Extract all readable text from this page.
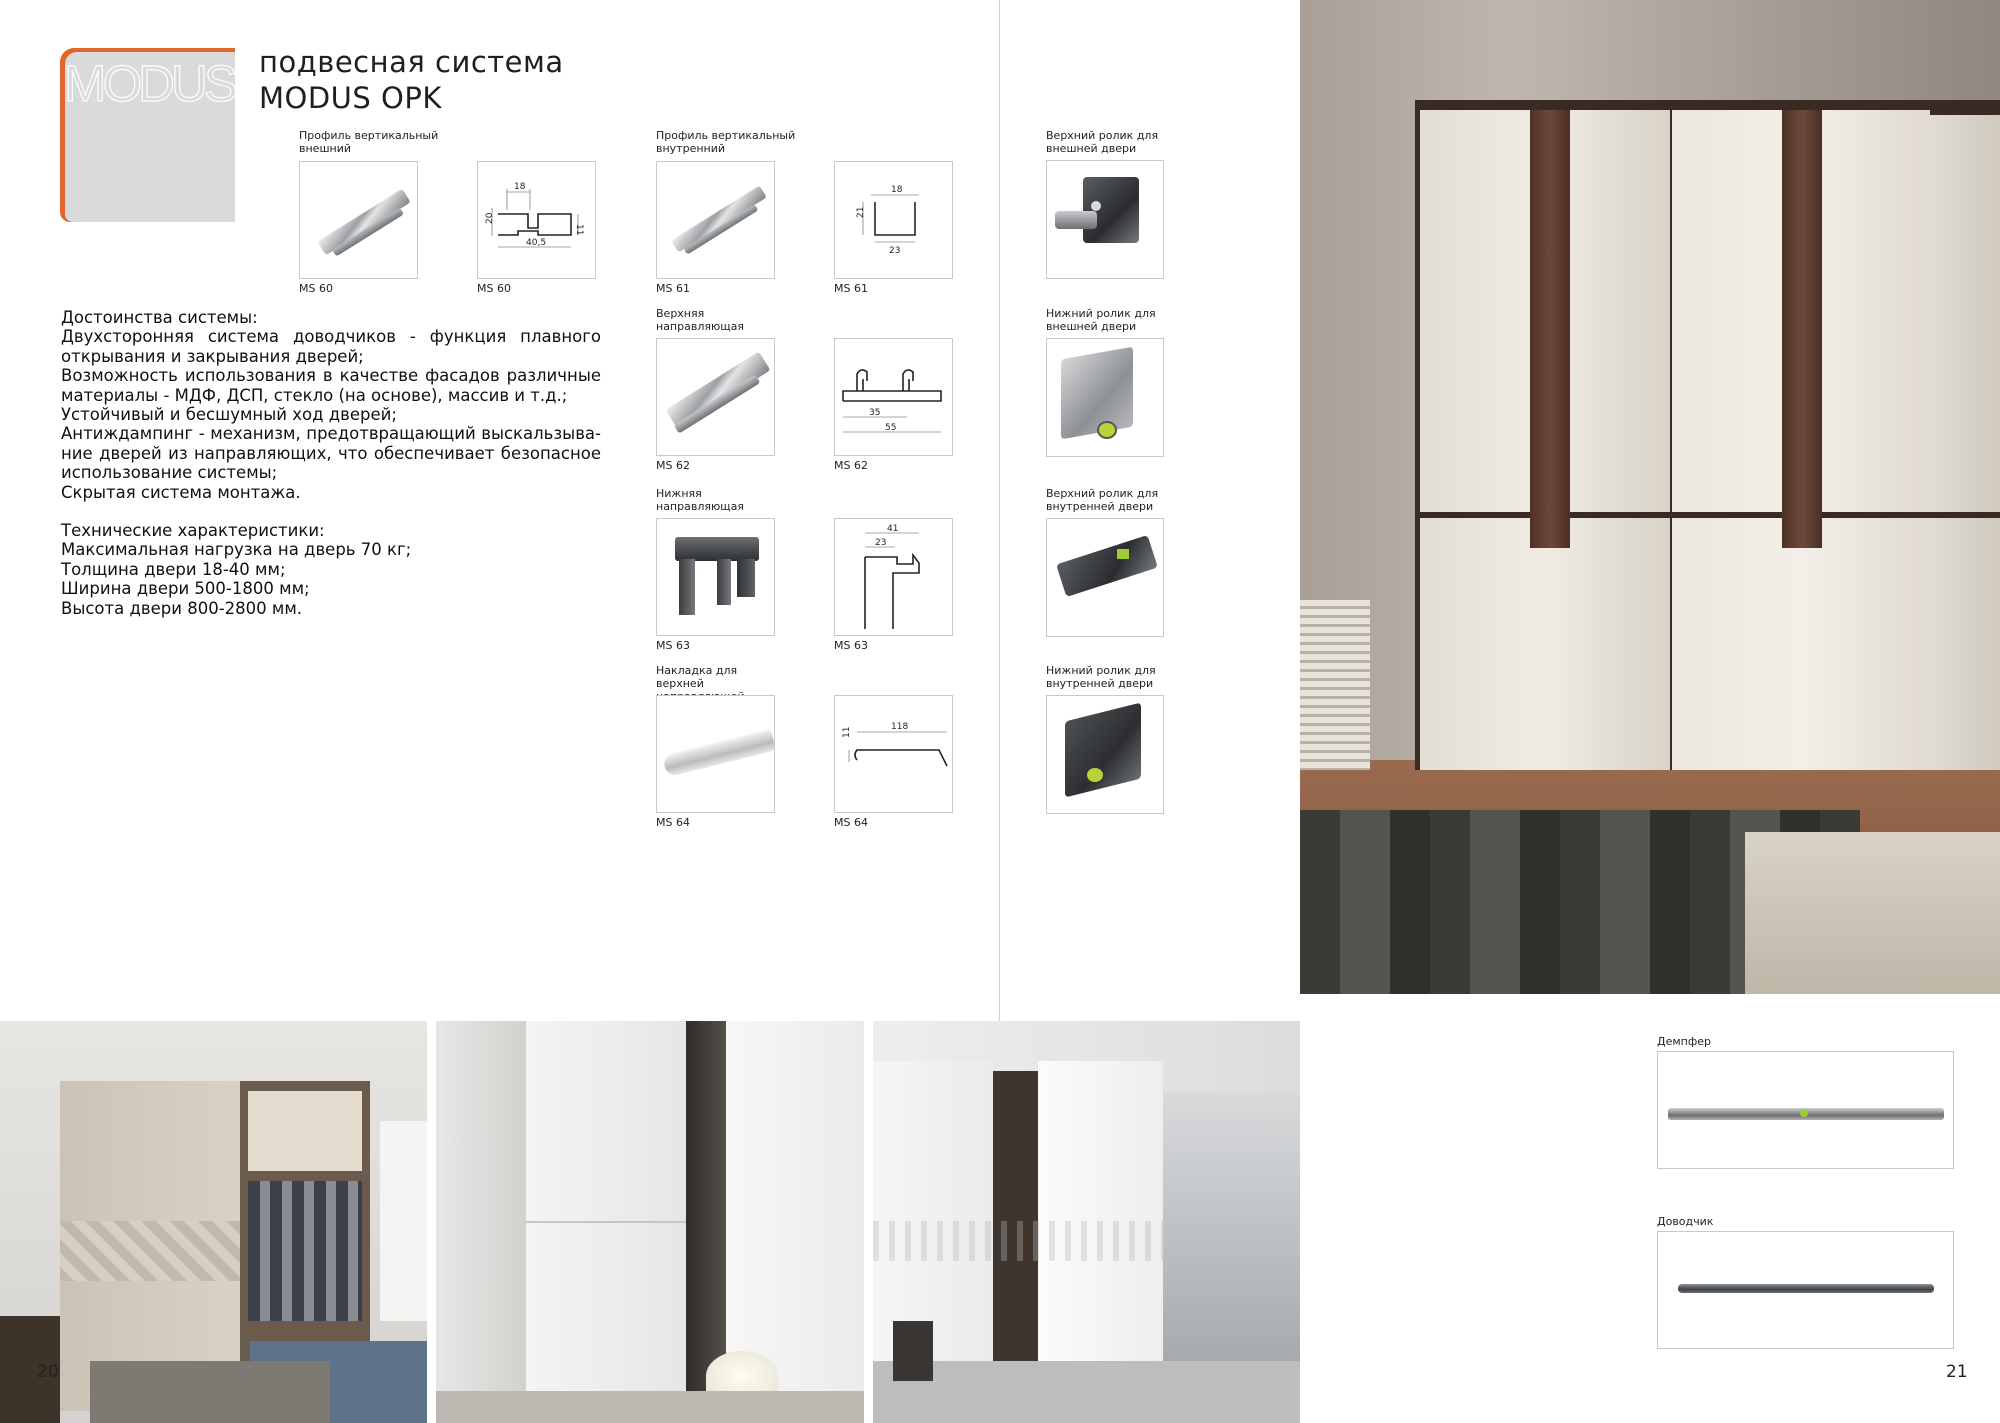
MODUS подвесная система
MODUS OPK

Достоинства системы:

Двухсторонняя система доводчиков - функция плавного открывания и закрывания дверей;

Возможность использования в качестве фасадов различные материалы - МДФ, ДСП, стекло (на основе), массив и т.д.;

Устойчивый и бесшумный ход дверей;

Антиждампинг - механизм, предотвращающий выскальзыва-ние дверей из направляющих, что обеспечивает безопасное использование системы;

Скрытая система монтажа.

Технические характеристики:

Максимальная нагрузка на дверь 70 кг;

Толщина двери 18-40 мм;

Ширина двери 500-1800 мм;

Высота двери 800-2800 мм.

Профиль вертикальный внешний
MS 60
18
20
11
40,5
MS 60
Профиль вертикальный внутренний
MS 61
18
21
23
MS 61
Верхняя направляющая
MS 62
35
55
MS 62
Нижняя направляющая
MS 63
41
23
MS 63
Накладка для верхней
MS 64
118
11
MS 64
Верхний ролик для внешней двери
Нижний ролик для внешней двери
Верхний ролик для внутренней двери
Нижний ролик для внутренней двери
20
Демпфер
Доводчик
21
